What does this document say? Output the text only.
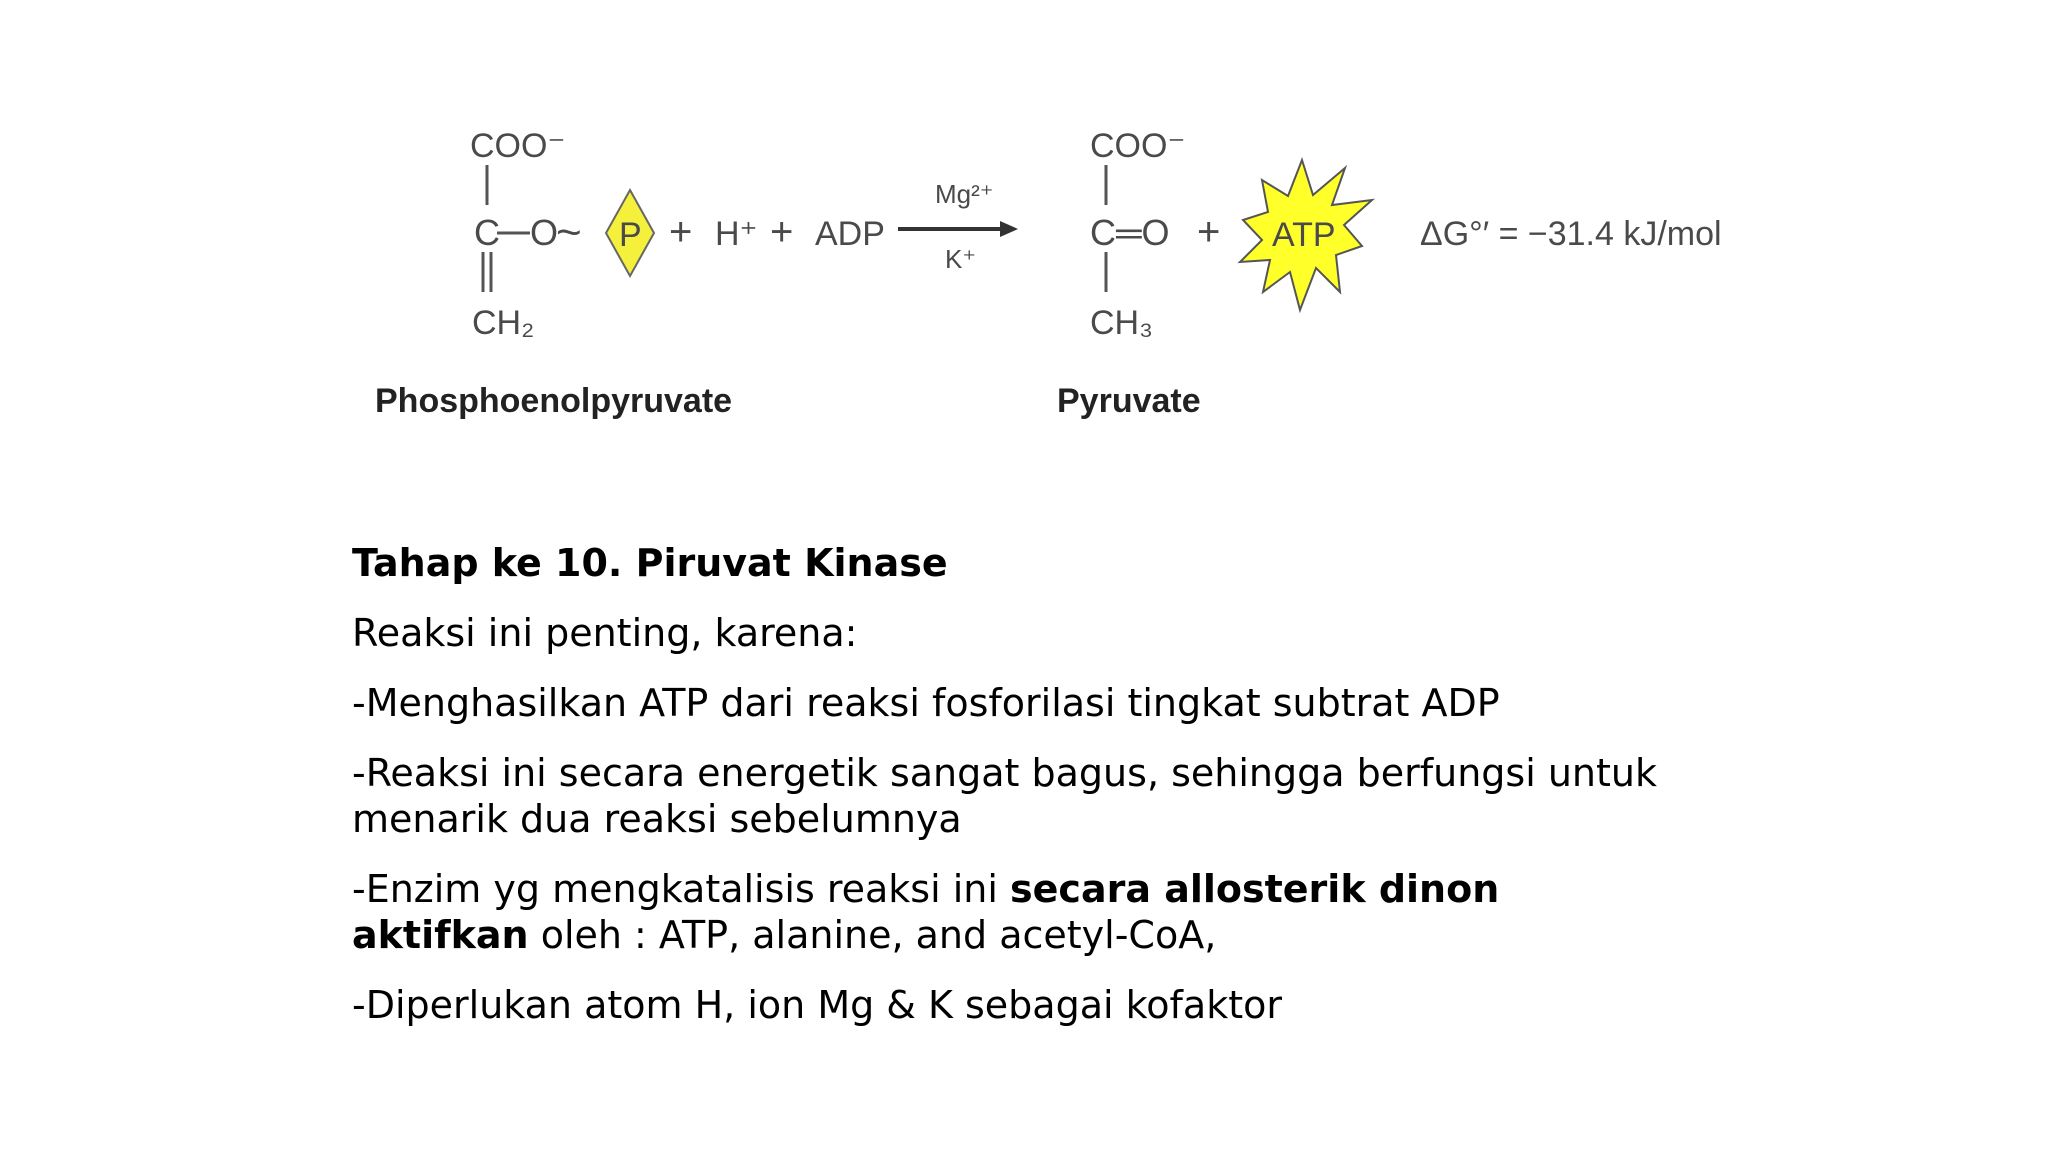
COO⁻
C O
~ P
CH₂
Phosphoenolpyruvate
+ H⁺ + ADP
Mg²⁺
K⁺
COO⁻
C═O
CH₃
Pyruvate
+ ATP ΔG°′ = −31.4 kJ/mol

Tahap ke 10. Piruvat Kinase

Reaksi ini penting, karena:

-Menghasilkan ATP dari reaksi fosforilasi tingkat subtrat ADP

-Reaksi ini secara energetik sangat bagus, sehingga berfungsi untuk
menarik dua reaksi sebelumnya

-Enzim yg mengkatalisis reaksi ini secara allosterik dinon
aktifkan oleh : ATP, alanine, and acetyl-CoA,

-Diperlukan atom H, ion Mg & K sebagai kofaktor
